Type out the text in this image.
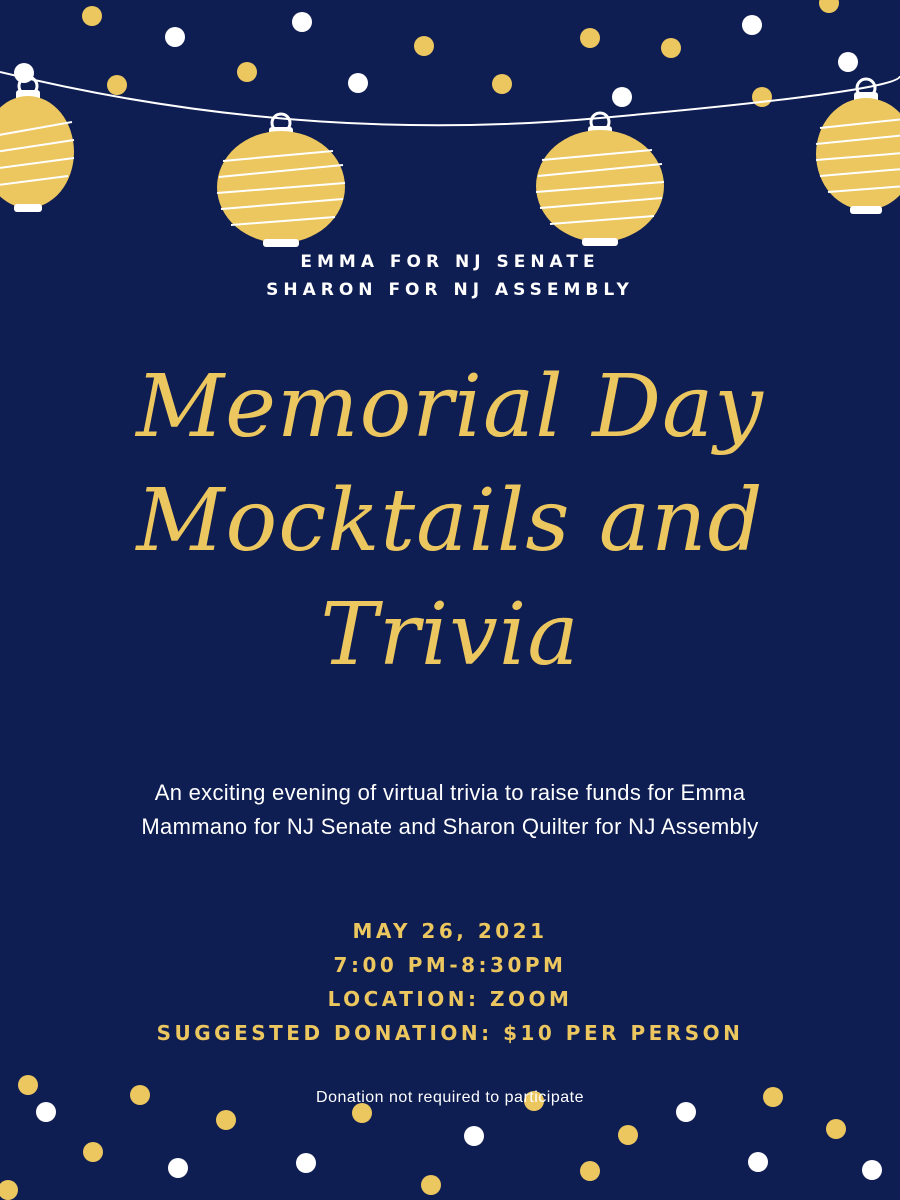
EMMA FOR NJ SENATE
SHARON FOR NJ ASSEMBLY
Memorial Day
Mocktails and
Trivia

An exciting evening of virtual trivia to raise funds for Emma Mammano for NJ Senate and Sharon Quilter for NJ Assembly

MAY 26, 2021
7:00 PM-8:30PM
LOCATION: ZOOM
SUGGESTED DONATION: $10 PER PERSON

Donation not required to participate
